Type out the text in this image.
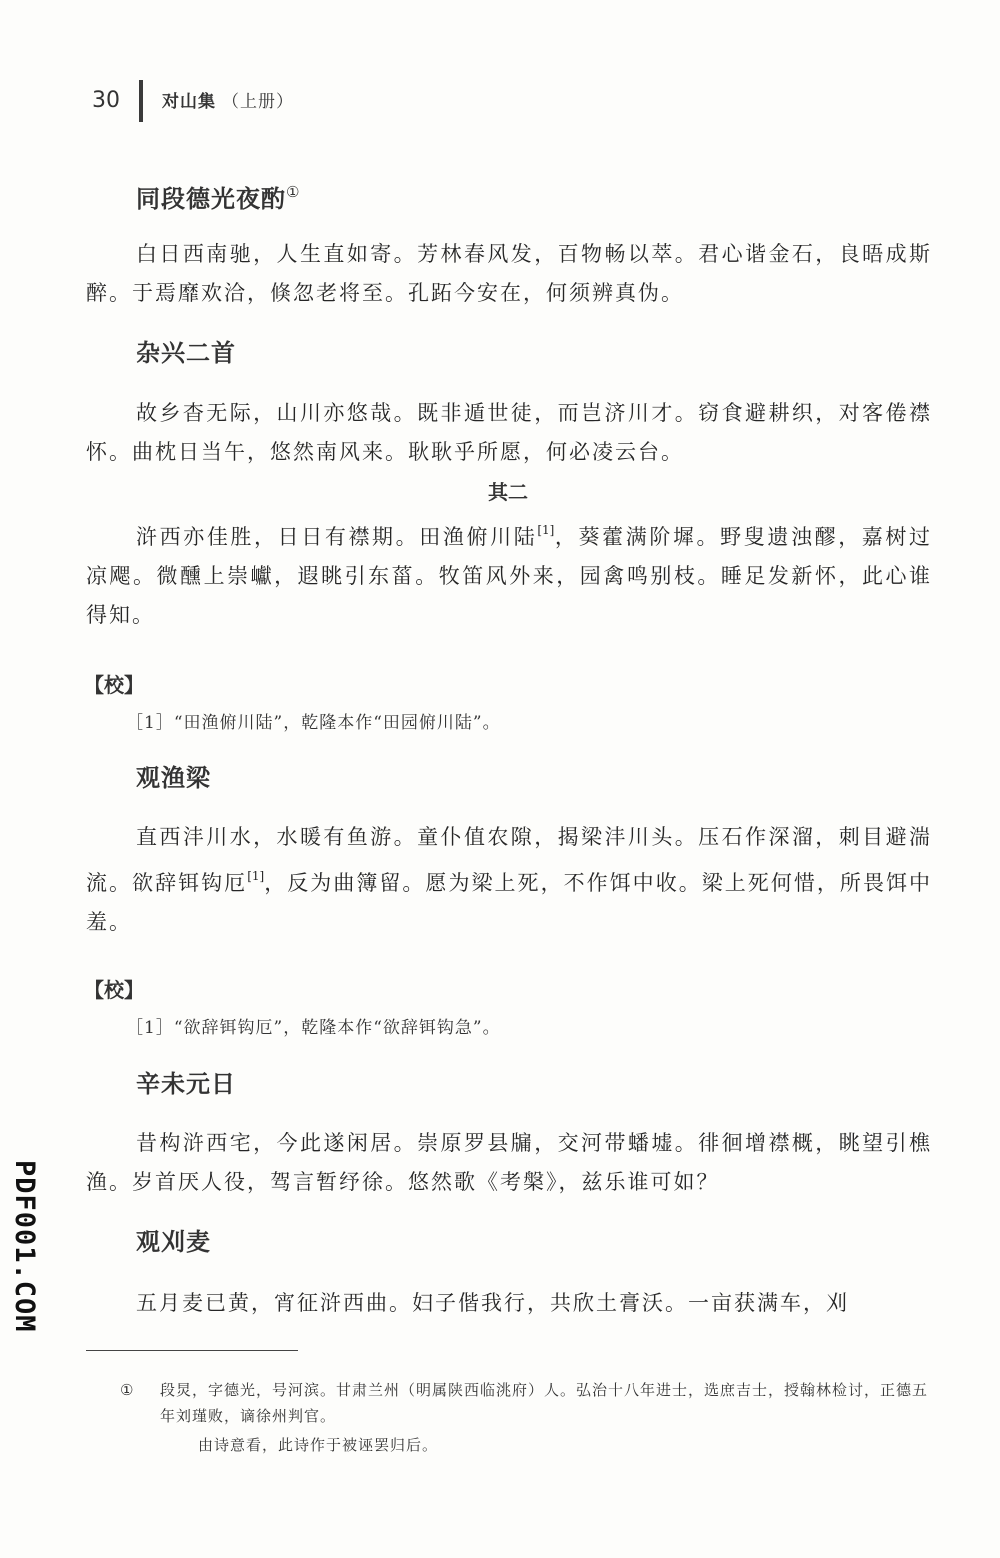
30 对山集 （上册）
同段德光夜酌①
白日西南驰，人生直如寄。芳林春风发，百物畅以萃。君心谐金石，良晤成斯醉。于焉靡欢洽，倏忽老将至。孔跖今安在，何须辨真伪。
杂兴二首
故乡杳无际，山川亦悠哉。既非遁世徒，而岂济川才。窃食避耕织，对客倦襟怀。曲枕日当午，悠然南风来。耿耿乎所愿，何必凌云台。
其二
浒西亦佳胜，日日有襟期。田渔俯川陆[1]，葵藿满阶墀。野叟遗浊醪，嘉树过凉飔。微醺上崇巘，遐眺引东菑。牧笛风外来，园禽鸣别枝。睡足发新怀，此心谁得知。
【校】
［1］“田渔俯川陆”，乾隆本作“田园俯川陆”。
观渔梁
直西沣川水，水暖有鱼游。童仆值农隙，揭梁沣川头。压石作深溜，刺目避湍流。欲辞铒钩厄[1]，反为曲簿留。愿为梁上死，不作饵中收。梁上死何惜，所畏饵中羞。
【校】
［1］“欲辞铒钩厄”，乾隆本作“欲辞铒钩急”。
辛未元日
昔构浒西宅，今此遂闲居。崇原罗县牖，交河带蟠墟。徘徊增襟概，眺望引樵渔。岁首厌人役，驾言暂纾徐。悠然歌《考槃》，兹乐谁可如？
观刈麦
五月麦已黄，宵征浒西曲。妇子偕我行，共欣土膏沃。一亩获满车，刈
① 段炅，字德光，号河滨。甘肃兰州（明属陕西临洮府）人。弘治十八年进士，选庶吉士，授翰林检讨，正德五年刘瑾败，谪徐州判官。
由诗意看，此诗作于被诬罢归后。
PDF001.COM
